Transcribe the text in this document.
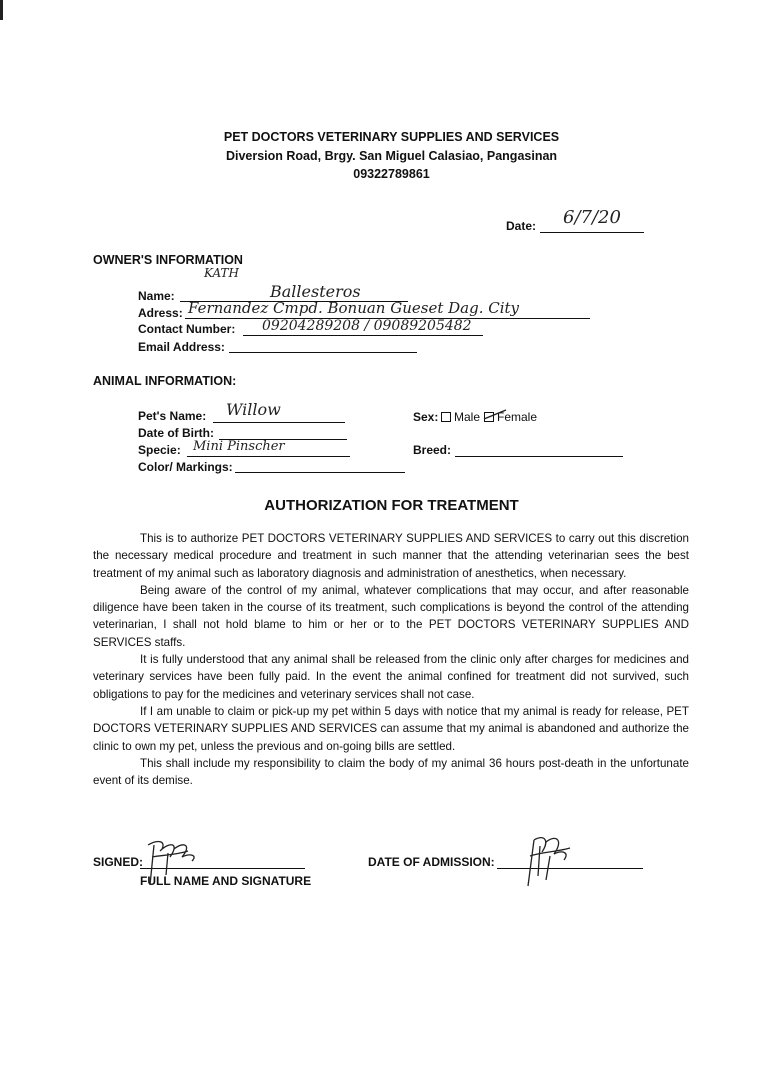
PET DOCTORS VETERINARY SUPPLIES AND SERVICES
Diversion Road, Brgy. San Miguel Calasiao, Pangasinan
09322789861
Date: 6/7/20
OWNER'S INFORMATION
Name:
KATH
Ballesteros
Adress: Fernandez Cmpd. Bonuan Gueset Dag. City
Contact Number: 09204289208 / 09089205482
Email Address:
ANIMAL INFORMATION:
Pet's Name: Willow
Date of Birth:
Specie: Mini Pinscher
Color/ Markings:
Sex:	Male	Female
Breed:
AUTHORIZATION FOR TREATMENT

This is to authorize PET DOCTORS VETERINARY SUPPLIES AND SERVICES to carry out this discretion the necessary medical procedure and treatment in such manner that the attending veterinarian sees the best treatment of my animal such as laboratory diagnosis and administration of anesthetics, when necessary.

Being aware of the control of my animal, whatever complications that may occur, and after reasonable diligence have been taken in the course of its treatment, such complications is beyond the control of the attending veterinarian, I shall not hold blame to him or her or to the PET DOCTORS VETERINARY SUPPLIES AND SERVICES staffs.

It is fully understood that any animal shall be released from the clinic only after charges for medicines and veterinary services have been fully paid. In the event the animal confined for treatment did not survived, such obligations to pay for the medicines and veterinary services shall not case.

If I am unable to claim or pick-up my pet within 5 days with notice that my animal is ready for release, PET DOCTORS VETERINARY SUPPLIES AND SERVICES can assume that my animal is abandoned and authorize the clinic to own my pet, unless the previous and on-going bills are settled.

This shall include my responsibility to claim the body of my animal 36 hours post-death in the unfortunate event of its demise.

SIGNED:
FULL NAME AND SIGNATURE
DATE OF ADMISSION:
